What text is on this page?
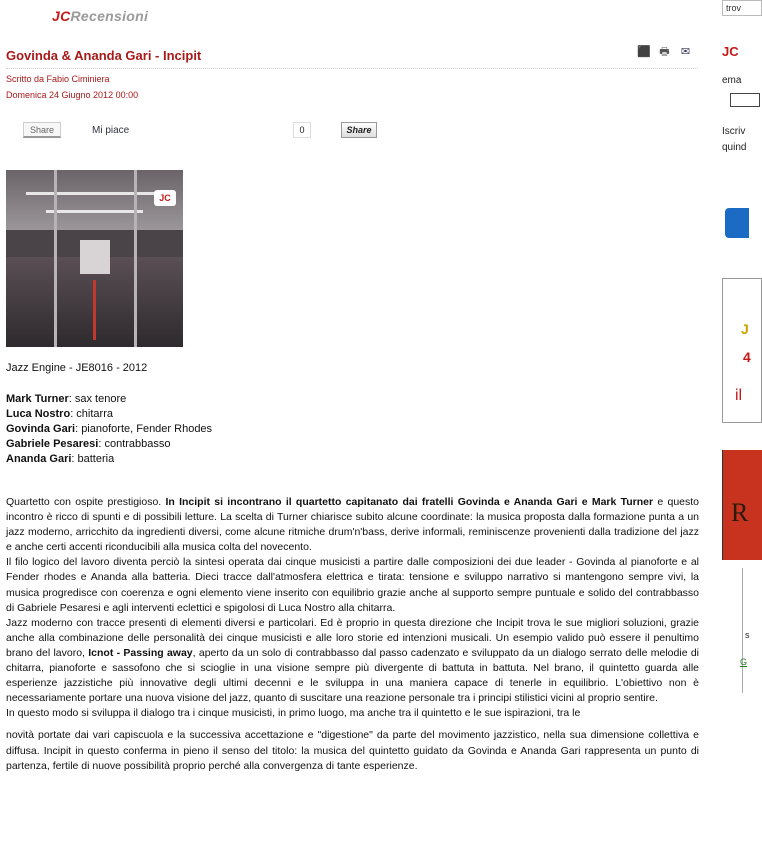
JCRecensioni
Govinda & Ananda Gari - Incipit	⬛ 🖶 ✉
Scritto da Fabio Ciminiera
Domenica 24 Giugno 2012 00:00
Share	Mi piace	0	Share
JC
Jazz Engine - JE8016 - 2012
Mark Turner: sax tenore
Luca Nostro: chitarra
Govinda Gari: pianoforte, Fender Rhodes
Gabriele Pesaresi: contrabbasso
Ananda Gari: batteria

Quartetto con ospite prestigioso. In Incipit si incontrano il quartetto capitanato dai fratelli Govinda e Ananda Gari e Mark Turner e questo incontro è ricco di spunti e di possibili letture. La scelta di Turner chiarisce subito alcune coordinate: la musica proposta dalla formazione punta a un jazz moderno, arricchito da ingredienti diversi, come alcune ritmiche drum'n'bass, derive informali, reminiscenze provenienti dalla tradizione del jazz e anche certi accenti riconducibili alla musica colta del novecento.

Il filo logico del lavoro diventa perciò la sintesi operata dai cinque musicisti a partire dalle composizioni dei due leader - Govinda al pianoforte e al Fender rhodes e Ananda alla batteria. Dieci tracce dall'atmosfera elettrica e tirata: tensione e sviluppo narrativo si mantengono sempre vivi, la musica progredisce con coerenza e ogni elemento viene inserito con equilibrio grazie anche al supporto sempre puntuale e solido del contrabbasso di Gabriele Pesaresi e agli interventi eclettici e spigolosi di Luca Nostro alla chitarra.

Jazz moderno con tracce presenti di elementi diversi e particolari. Ed è proprio in questa direzione che Incipit trova le sue migliori soluzioni, grazie anche alla combinazione delle personalità dei cinque musicisti e alle loro storie ed intenzioni musicali. Un esempio valido può essere il penultimo brano del lavoro, Icnot - Passing away, aperto da un solo di contrabbasso dal passo cadenzato e sviluppato da un dialogo serrato delle melodie di chitarra, pianoforte e sassofono che si scioglie in una visione sempre più divergente di battuta in battuta. Nel brano, il quintetto guarda alle esperienze jazzistiche più innovative degli ultimi decenni e le sviluppa in una maniera capace di tenerle in equilibrio. L'obiettivo non è necessariamente portare una nuova visione del jazz, quanto di suscitare una reazione personale tra i principi stilistici vicini al proprio sentire.

In questo modo si sviluppa il dialogo tra i cinque musicisti, in primo luogo, ma anche tra il quintetto e le sue ispirazioni, tra le

novità portate dai vari capiscuola e la successiva accettazione e "digestione" da parte del movimento jazzistico, nella sua dimensione collettiva e diffusa. Incipit in questo conferma in pieno il senso del titolo: la musica del quintetto guidato da Govinda e Ananda Gari rappresenta un punto di partenza, fertile di nuove possibilità proprio perché alla convergenza di tante esperienze.

trov
JC
ema
Iscriv
quind
J
4
il
R
s
G
